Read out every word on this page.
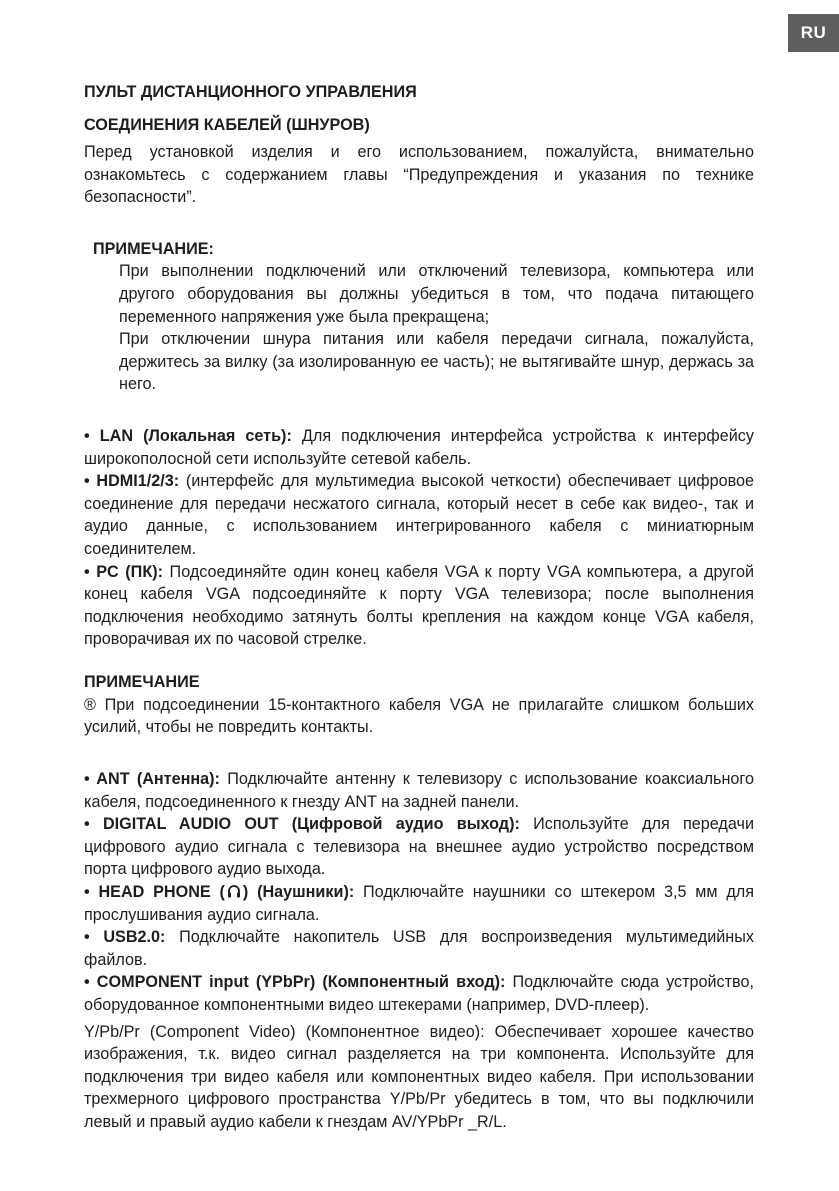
RU
ПУЛЬТ ДИСТАНЦИОННОГО УПРАВЛЕНИЯ
СОЕДИНЕНИЯ КАБЕЛЕЙ (ШНУРОВ)

Перед установкой изделия и его использованием, пожалуйста, внимательно ознакомьтесь с содержанием главы “Предупреждения и указания по технике безопасности”.

ПРИМЕЧАНИЕ:

При выполнении подключений или отключений телевизора, компьютера или другого оборудования вы должны убедиться в том, что подача питающего переменного напряжения уже была прекращена;

При отключении шнура питания или кабеля передачи сигнала, пожалуйста, держитесь за вилку (за изолированную ее часть); не вытягивайте шнур, держась за него.

• LAN (Локальная сеть): Для подключения интерфейса устройства к интерфейсу широкополосной сети используйте сетевой кабель.

• HDMI1/2/3: (интерфейс для мультимедиа высокой четкости) обеспечивает цифровое соединение для передачи несжатого сигнала, который несет в себе как видео-, так и аудио данные, с использованием интегрированного кабеля с миниатюрным соединителем.

• PC (ПК): Подсоединяйте один конец кабеля VGA к порту VGA компьютера, а другой конец кабеля VGA подсоединяйте к порту VGA телевизора; после выполнения подключения необходимо затянуть болты крепления на каждом конце VGA кабеля, проворачивая их по часовой стрелке.

ПРИМЕЧАНИЕ

® При подсоединении 15-контактного кабеля VGA не прилагайте слишком больших усилий, чтобы не повредить контакты.

• ANT (Антенна): Подключайте антенну к телевизору с использование коаксиального кабеля, подсоединенного к гнезду ANT на задней панели.

• DIGITAL AUDIO OUT (Цифровой аудио выход): Используйте для передачи цифрового аудио сигнала с телевизора на внешнее аудио устройство посредством порта цифрового аудио выхода.

• HEAD PHONE ( ) (Наушники): Подключайте наушники со штекером 3,5 мм для прослушивания аудио сигнала.

• USB2.0: Подключайте накопитель USB для воспроизведения мультимедийных файлов.

• COMPONENT input (YPbPr) (Компонентный вход): Подключайте сюда устройство, оборудованное компонентными видео штекерами (например, DVD-плеер).

Y/Pb/Pr (Component Video) (Компонентное видео): Обеспечивает хорошее качество изображения, т.к. видео сигнал разделяется на три компонента. Используйте для подключения три видео кабеля или компонентных видео кабеля. При использовании трехмерного цифрового пространства Y/Pb/Pr убедитесь в том, что вы подключили левый и правый аудио кабели к гнездам AV/YPbPr _R/L.
